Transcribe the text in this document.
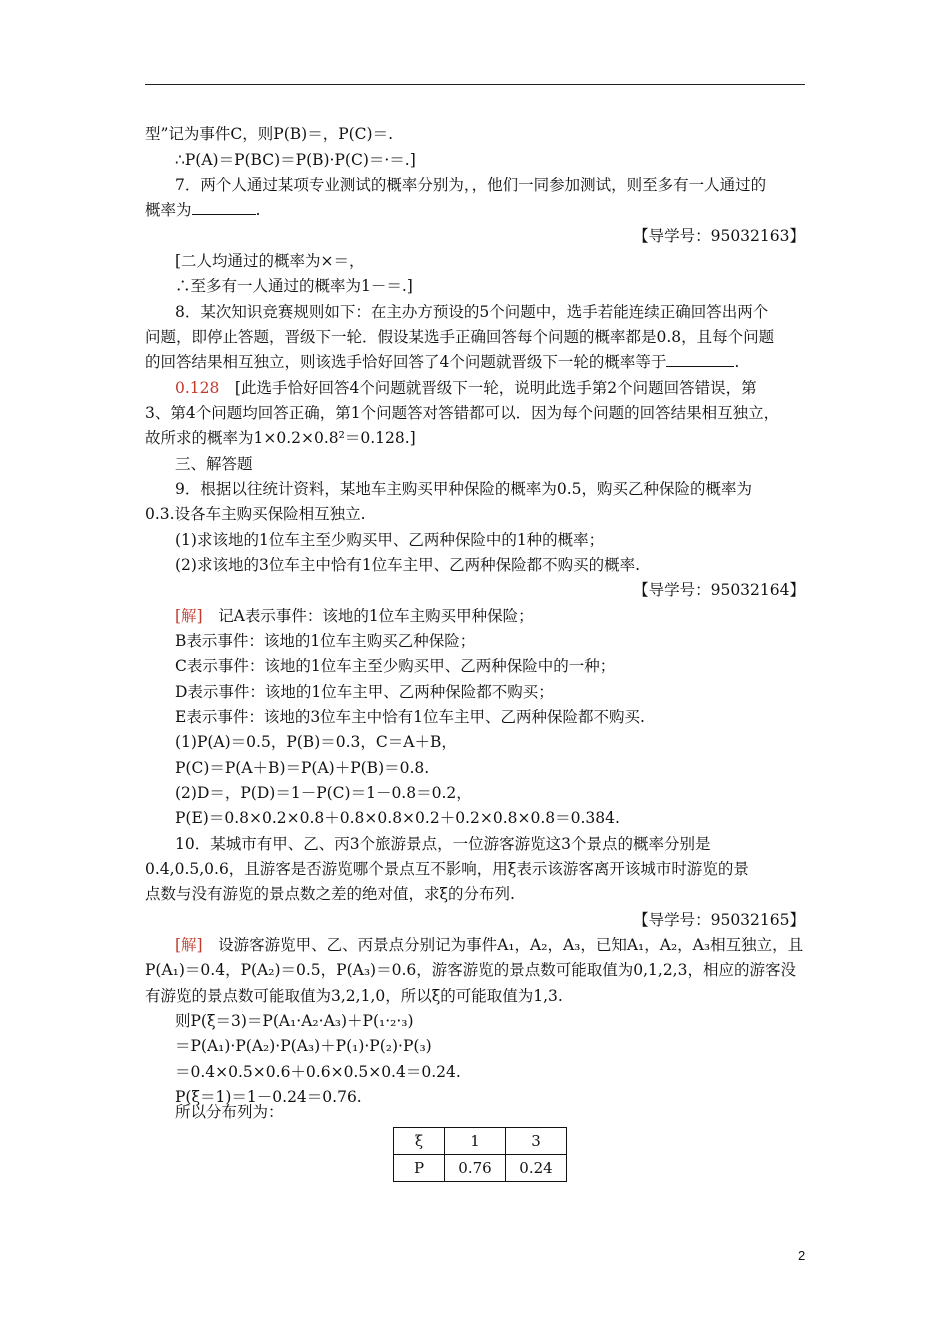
型”记为事件C，则P(B)＝，P(C)＝.
∴P(A)＝P(BC)＝P(B)·P(C)＝·＝.]
7．两个人通过某项专业测试的概率分别为，，他们一同参加测试，则至多有一人通过的
概率为	.
【导学号：95032163】
[二人均通过的概率为×＝，
∴至多有一人通过的概率为1－＝.]
8．某次知识竞赛规则如下：在主办方预设的5个问题中，选手若能连续正确回答出两个
问题，即停止答题，晋级下一轮．假设某选手正确回答每个问题的概率都是0.8，且每个问题
的回答结果相互独立，则该选手恰好回答了4个问题就晋级下一轮的概率等于	.
0.128　 [此选手恰好回答4个问题就晋级下一轮，说明此选手第2个问题回答错误，第
3、第4个问题均回答正确，第1个问题答对答错都可以．因为每个问题的回答结果相互独立，
故所求的概率为1×0.2×0.8²＝0.128.]
三、解答题
9．根据以往统计资料，某地车主购买甲种保险的概率为0.5，购买乙种保险的概率为
0.3.设各车主购买保险相互独立.
(1)求该地的1位车主至少购买甲、乙两种保险中的1种的概率；
(2)求该地的3位车主中恰有1位车主甲、乙两种保险都不购买的概率.
【导学号：95032164】
[解]　 记A表示事件：该地的1位车主购买甲种保险；
B表示事件：该地的1位车主购买乙种保险；
C表示事件：该地的1位车主至少购买甲、乙两种保险中的一种；
D表示事件：该地的1位车主甲、乙两种保险都不购买；
E表示事件：该地的3位车主中恰有1位车主甲、乙两种保险都不购买.
(1)P(A)＝0.5，P(B)＝0.3，C＝A＋B，
P(C)＝P(A＋B)＝P(A)＋P(B)＝0.8.
(2)D＝，P(D)＝1－P(C)＝1－0.8＝0.2，
P(E)＝0.8×0.2×0.8＋0.8×0.8×0.2＋0.2×0.8×0.8＝0.384.
10．某城市有甲、乙、丙3个旅游景点，一位游客游览这3个景点的概率分别是
0.4,0.5,0.6，且游客是否游览哪个景点互不影响，用ξ表示该游客离开该城市时游览的景
点数与没有游览的景点数之差的绝对值，求ξ的分布列.
【导学号：95032165】
[解]　 设游客游览甲、乙、丙景点分别记为事件A₁，A₂，A₃，已知A₁，A₂，A₃相互独立，且
P(A₁)＝0.4，P(A₂)＝0.5，P(A₃)＝0.6，游客游览的景点数可能取值为0,1,2,3，相应的游客没
有游览的景点数可能取值为3,2,1,0，所以ξ的可能取值为1,3.
则P(ξ＝3)＝P(A₁·A₂·A₃)＋P(₁·₂·₃)
＝P(A₁)·P(A₂)·P(A₃)＋P(₁)·P(₂)·P(₃)
＝0.4×0.5×0.6＋0.6×0.5×0.4＝0.24.
P(ξ＝1)＝1－0.24＝0.76.
所以分布列为：
ξ	1	3
P	0.76	0.24
2
